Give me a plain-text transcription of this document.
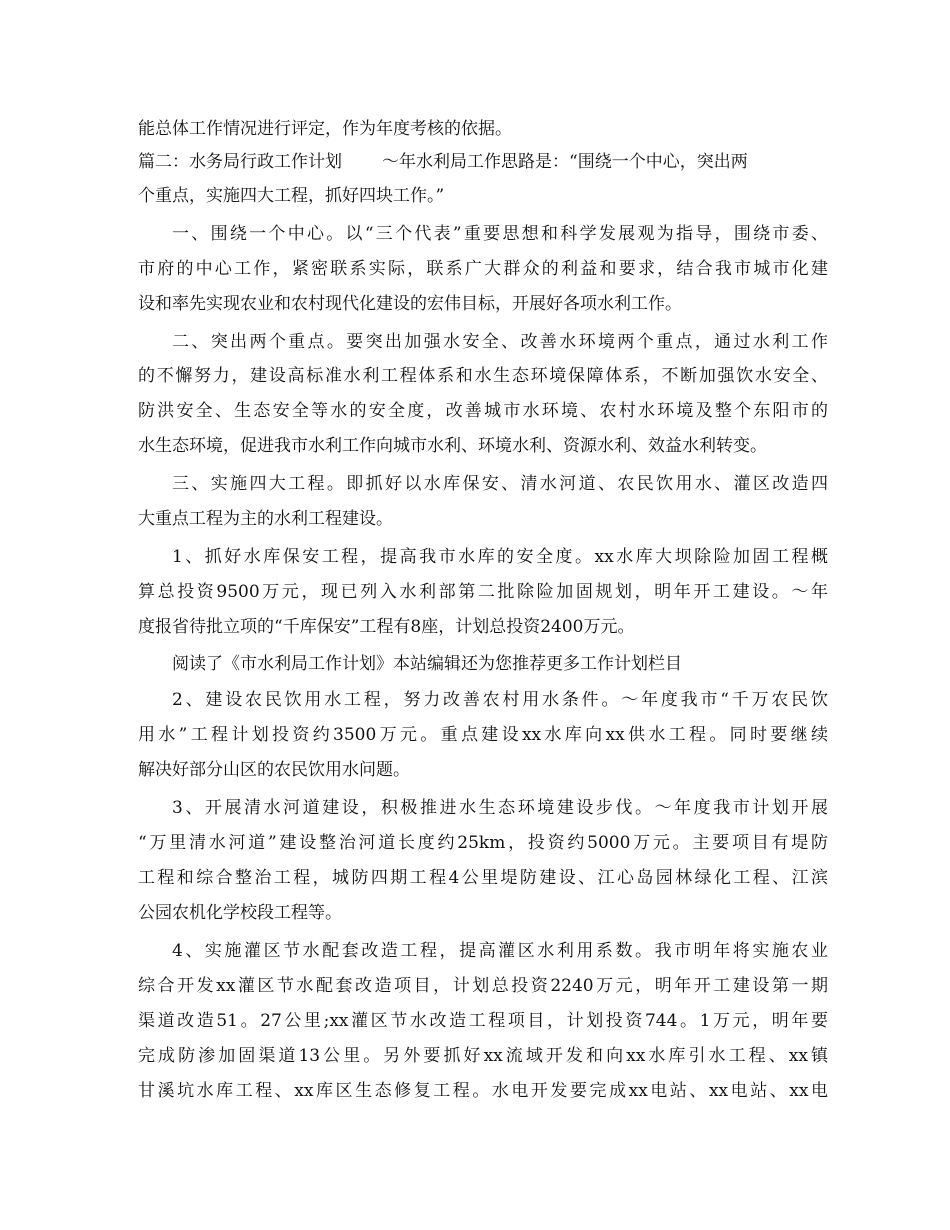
能总体工作情况进行评定，作为年度考核的依据。
篇二：水务局行政工作计划 ～年水利局工作思路是：“围绕一个中心，突出两
个重点，实施四大工程，抓好四块工作。”
一、围绕一个中心。以“三个代表”重要思想和科学发展观为指导，围绕市委、
市府的中心工作，紧密联系实际，联系广大群众的利益和要求，结合我市城市化建
设和率先实现农业和农村现代化建设的宏伟目标，开展好各项水利工作。
二、突出两个重点。要突出加强水安全、改善水环境两个重点，通过水利工作
的不懈努力，建设高标准水利工程体系和水生态环境保障体系，不断加强饮水安全、
防洪安全、生态安全等水的安全度，改善城市水环境、农村水环境及整个东阳市的
水生态环境，促进我市水利工作向城市水利、环境水利、资源水利、效益水利转变。
三、实施四大工程。即抓好以水库保安、清水河道、农民饮用水、灌区改造四
大重点工程为主的水利工程建设。
1、抓好水库保安工程，提高我市水库的安全度。xx水库大坝除险加固工程概
算总投资9500万元，现已列入水利部第二批除险加固规划，明年开工建设。～年
度报省待批立项的“千库保安”工程有8座，计划总投资2400万元。
阅读了《市水利局工作计划》本站编辑还为您推荐更多工作计划栏目
2、建设农民饮用水工程，努力改善农村用水条件。～年度我市“千万农民饮
用水”工程计划投资约3500万元。重点建设xx水库向xx供水工程。同时要继续
解决好部分山区的农民饮用水问题。
3、开展清水河道建设，积极推进水生态环境建设步伐。～年度我市计划开展
“万里清水河道”建设整治河道长度约25km，投资约5000万元。主要项目有堤防
工程和综合整治工程，城防四期工程4公里堤防建设、江心岛园林绿化工程、江滨
公园农机化学校段工程等。
4、实施灌区节水配套改造工程，提高灌区水利用系数。我市明年将实施农业
综合开发xx灌区节水配套改造项目，计划总投资2240万元，明年开工建设第一期
渠道改造51。27公里;xx灌区节水改造工程项目，计划投资744。1万元，明年要
完成防渗加固渠道13公里。另外要抓好xx流域开发和向xx水库引水工程、xx镇
甘溪坑水库工程、xx库区生态修复工程。水电开发要完成xx电站、xx电站、xx电
